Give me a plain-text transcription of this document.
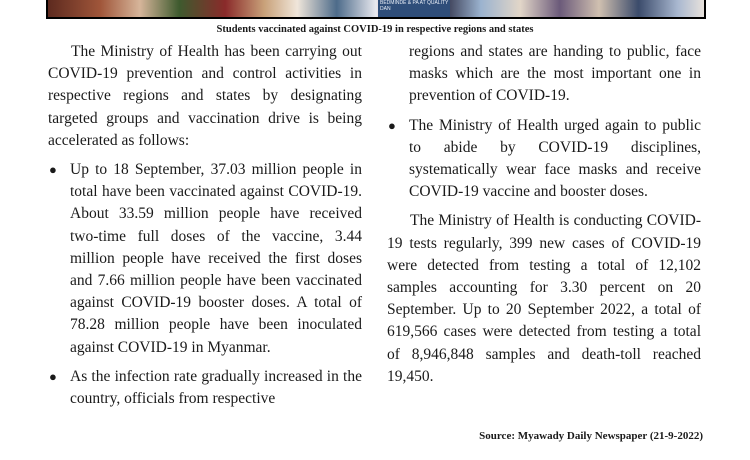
BEDMINDE & PA AT QUALITY DAN
Students vaccinated against COVID-19 in respective regions and states

The Ministry of Health has been carrying out COVID-19 prevention and control activities in respective regions and states by designating targeted groups and vaccination drive is being accelerated as follows:

● Up to 18 September, 37.03 million people in total have been vaccinated against COVID-19. About 33.59 million people have received two-time full doses of the vaccine, 3.44 million people have received the first doses and 7.66 million people have been vaccinated against COVID-19 booster doses. A total of 78.28 million people have been inoculated against COVID-19 in Myanmar.
● As the infection rate gradually increased in the country, officials from respective
regions and states are handing to public, face masks which are the most important one in prevention of COVID-19.
● The Ministry of Health urged again to public to abide by COVID-19 disciplines, systematically wear face masks and receive COVID-19 vaccine and booster doses.

The Ministry of Health is conducting COVID-19 tests regularly, 399 new cases of COVID-19 were detected from testing a total of 12,102 samples accounting for 3.30 percent on 20 September. Up to 20 September 2022, a total of 619,566 cases were detected from testing a total of 8,946,848 samples and death-toll reached 19,450.

Source: Myawady Daily Newspaper (21-9-2022)
